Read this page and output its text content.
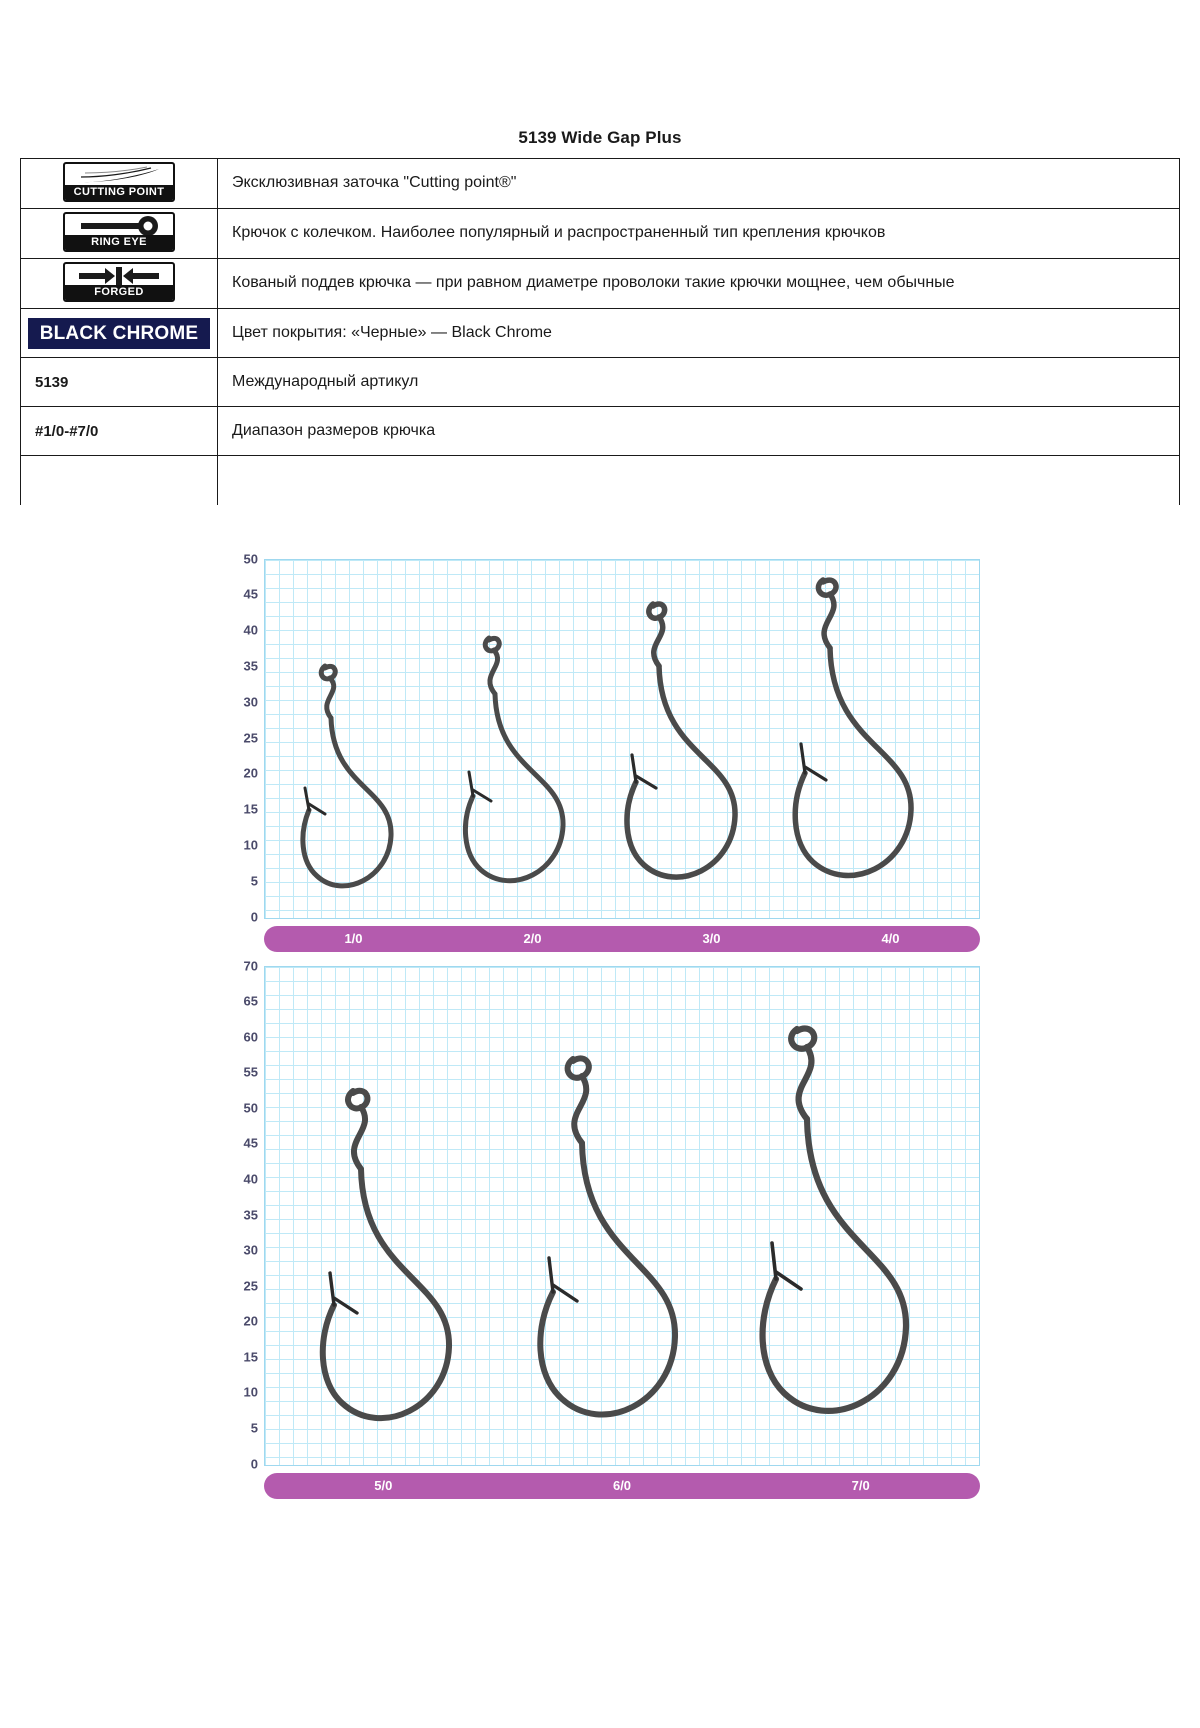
5139 Wide Gap Plus
CUTTING POINT	Эксклюзивная заточка "Cutting point®"

RING EYE	Крючок с колечком. Наиболее популярный и распространенный тип крепления крючков

FORGED	Кованый поддев крючка — при равном диаметре проволоки такие крючки мощнее, чем обычные
BLACK CHROME	Цвет покрытия: «Черные» — Black Chrome
5139	Международный артикул
#1/0-#7/0	Диапазон размеров крючка

0
5
10
15
20
25
30
35
40
45
50
1/0	2/0	3/0	4/0
0
5
10
15
20
25
30
35
40
45
50
55
60
65
70
5/0	6/0	7/0
